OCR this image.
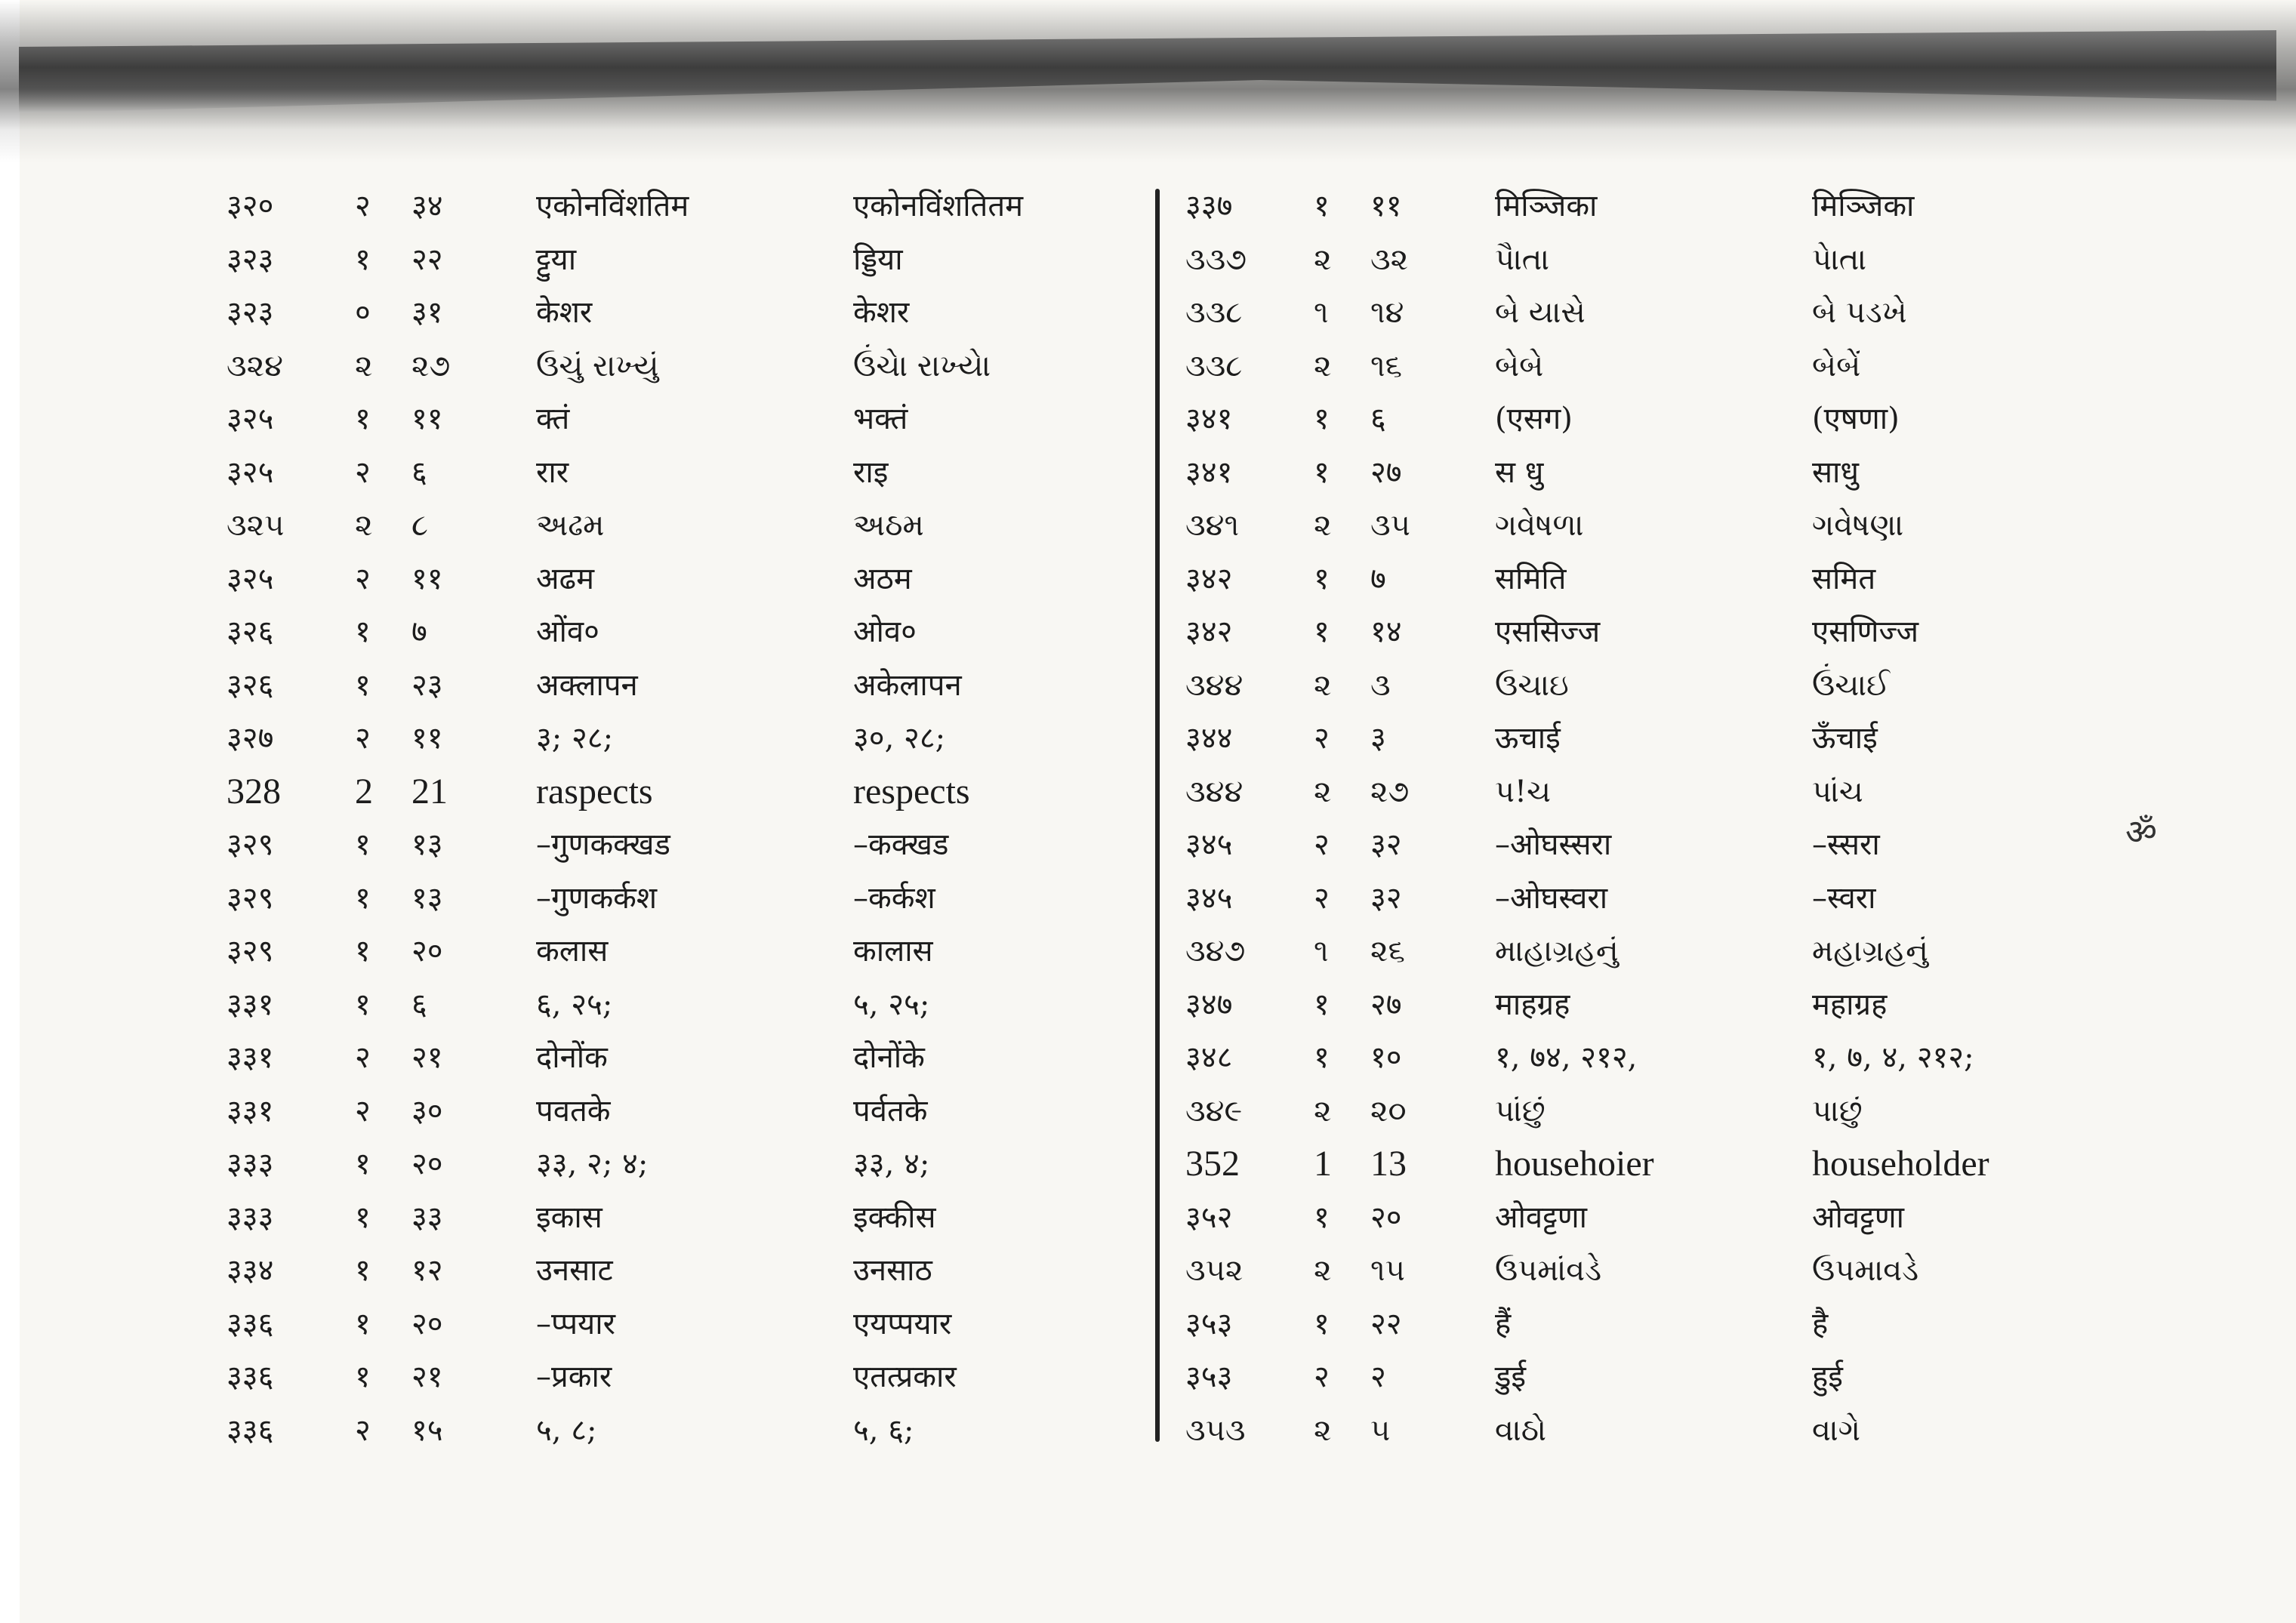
३२०	२	३४	एकोनविंशतिम	एकोनविंशतितम
३२३	१	२२	ट्टुया	ड्डिया
३२३	०	३१	केशर	केशर
૩૨૪	૨	૨૭	ઉચું રાખ્યું	ઉંચેા રાખ્યેા
३२५	१	११	क्तं	भक्तं
३२५	२	६	रार	राइ
૩૨૫	૨	૮	અઢમ	અઠમ
३२५	२	११	अढम	अठम
३२६	१	७	ओंव०	ओव०
३२६	१	२३	अक्लापन	अकेलापन
३२७	२	११	३; २८;	३०, २८;
328	2	21	raspects	respects
३२९	१	१३	–गुणकक्खड	–कक्खड
३२९	१	१३	–गुणकर्कश	–कर्कश
३२९	१	२०	कलास	कालास
३३१	१	६	६, २५;	५, २५;
३३१	२	२१	दोनोंक	दोनोंके
३३१	२	३०	पवतके	पर्वतके
३३३	१	२०	३३, २; ४;	३३, ४;
३३३	१	३३	इकास	इक्कीस
३३४	१	१२	उनसाट	उनसाठ
३३६	१	२०	–प्पयार	एयप्पयार
३३६	१	२१	–प्रकार	एतत्प्रकार
३३६	२	१५	५, ८;	५, ६;
३३७	१	११	मिञ्जिका	मिञ्जिका
૩૩૭	૨	૩૨	પૈાતા	પેાતા
૩૩૮	૧	૧૪	બે યાસે	બે પડખે
૩૩૮	૨	૧૬	બેબે	બેબેં
३४१	१	६	(एसग)	(एषणा)
३४१	१	२७	स धु	साधु
૩૪૧	૨	૩૫	ગવેષળા	ગવેષણા
३४२	१	७	समिति	समित
३४२	१	१४	एससिज्ज	एसणिज्ज
૩૪૪	૨	૩	ઉચાઇ	ઉંચાઈ
३४४	२	३	ऊचाई	ऊँचाई
૩૪૪	૨	૨૭	પ!ચ	પાંચ
३४५	२	३२	–ओघस्सरा	–स्सरा
३४५	२	३२	–ओघस्वरा	–स्वरा
૩૪૭	૧	૨૬	માહાગ્રહનું	મહાગ્રહનું
३४७	१	२७	माहग्रह	महाग्रह
३४८	१	१०	१, ७४, २१२,	१, ७, ४, २१२;
૩૪૯	૨	૨૦	પાંછું	પાછું
352	1	13	househoier	householder
३५२	१	२०	ओवट्टणा	ओवट्टणा
૩૫૨	૨	૧૫	ઉપમાંવડે	ઉપમાવડે
३५३	१	२२	हैं	है
३५३	२	२	डुई	हुई
૩૫૩	૨	૫	વાઠો	વાગે
ॐ
